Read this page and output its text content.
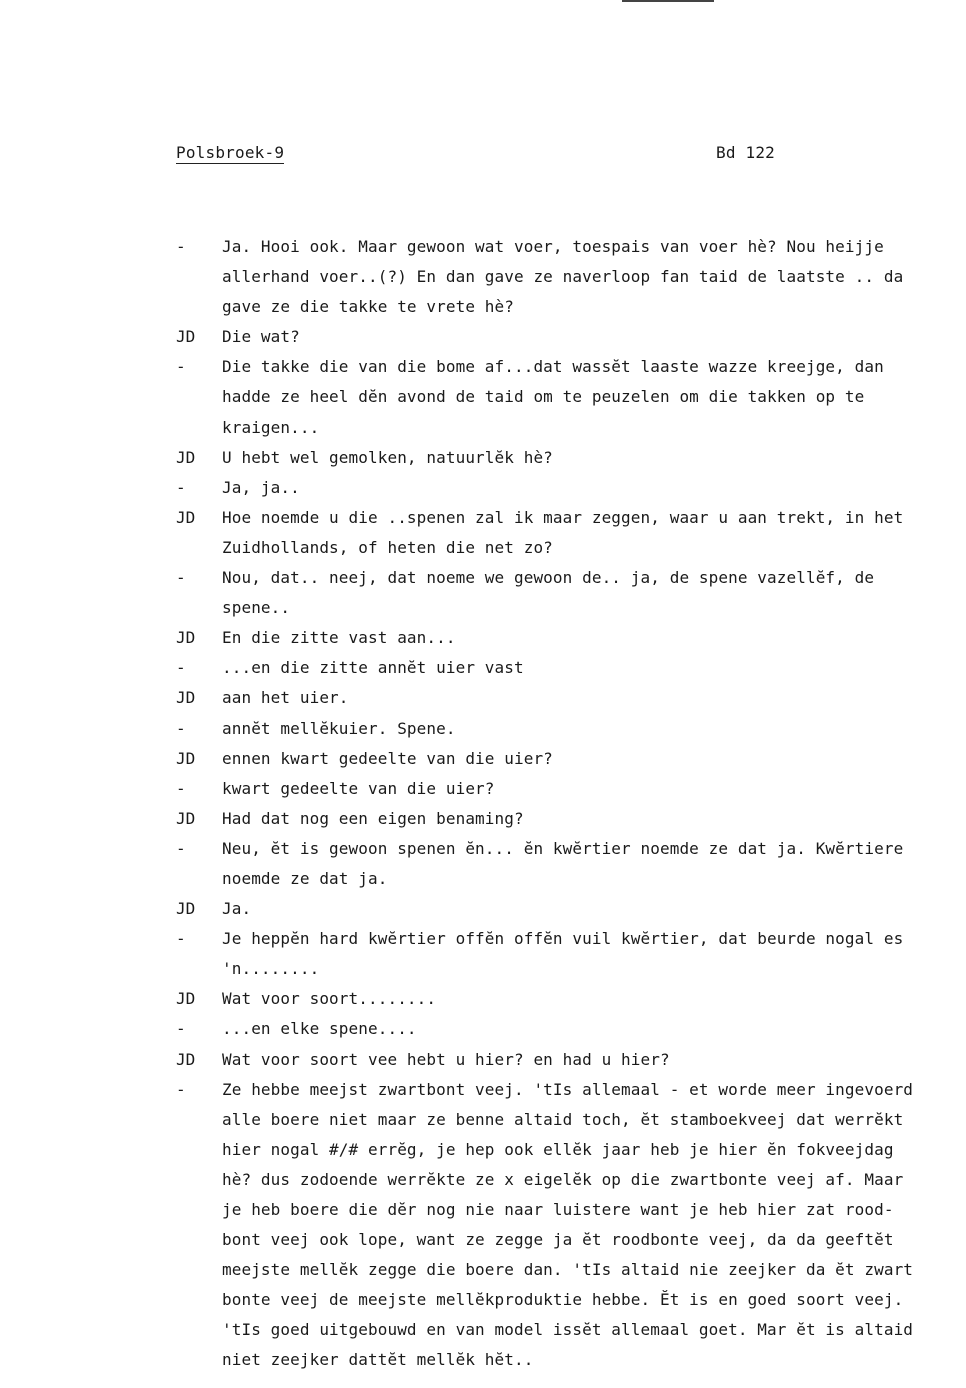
Polsbroek-9	Bd 122
-	Ja. Hooi ook. Maar gewoon wat voer, toespais van voer hè? Nou heijje
allerhand voer..(?) En dan gave ze naverloop fan taid de laatste .. da
gave ze die takke te vrete hè?
JD	Die wat?
-	Die takke die van die bome af...dat wassĕt laaste wazze kreejge, dan
hadde ze heel dĕn avond de taid om te peuzelen om die takken op te
kraigen...
JD	U hebt wel gemolken, natuurlĕk hè?
-	Ja, ja..
JD	Hoe noemde u die ..spenen zal ik maar zeggen, waar u aan trekt, in het
Zuidhollands, of heten die net zo?
-	Nou, dat.. neej, dat noeme we gewoon de.. ja, de spene vazellĕf, de
spene..
JD	En die zitte vast aan...
-	...en die zitte annĕt uier vast
JD	aan het uier.
-	annĕt mellĕkuier. Spene.
JD	ennen kwart gedeelte van die uier?
-	kwart gedeelte van die uier?
JD	Had dat nog een eigen benaming?
-	Neu, ĕt is gewoon spenen ĕn... ĕn kwĕrtier noemde ze dat ja. Kwĕrtiere
noemde ze dat ja.
JD	Ja.
-	Je heppĕn hard kwĕrtier offĕn offĕn vuil kwĕrtier, dat beurde nogal es
'n........
JD	Wat voor soort........
-	...en elke spene....
JD	Wat voor soort vee hebt u hier? en had u hier?
-	Ze hebbe meejst zwartbont veej. 'tIs allemaal - et worde meer ingevoerd
alle boere niet maar ze benne altaid toch, ĕt stamboekveej dat werrĕkt
hier nogal #/# errĕg, je hep ook ellĕk jaar heb je hier ĕn fokveejdag
hè? dus zodoende werrĕkte ze x eigelĕk op die zwartbonte veej af. Maar
je heb boere die dĕr nog nie naar luistere want je heb hier zat rood-
bont veej ook lope, want ze zegge ja ĕt roodbonte veej, da da geeftĕt
meejste mellĕk zegge die boere dan. 'tIs altaid nie zeejker da ĕt zwart
bonte veej de meejste mellĕkproduktie hebbe. Ĕt is en goed soort veej.
'tIs goed uitgebouwd en van model issĕt allemaal goet. Mar ĕt is altaid
niet zeejker dattĕt mellĕk hĕt..
